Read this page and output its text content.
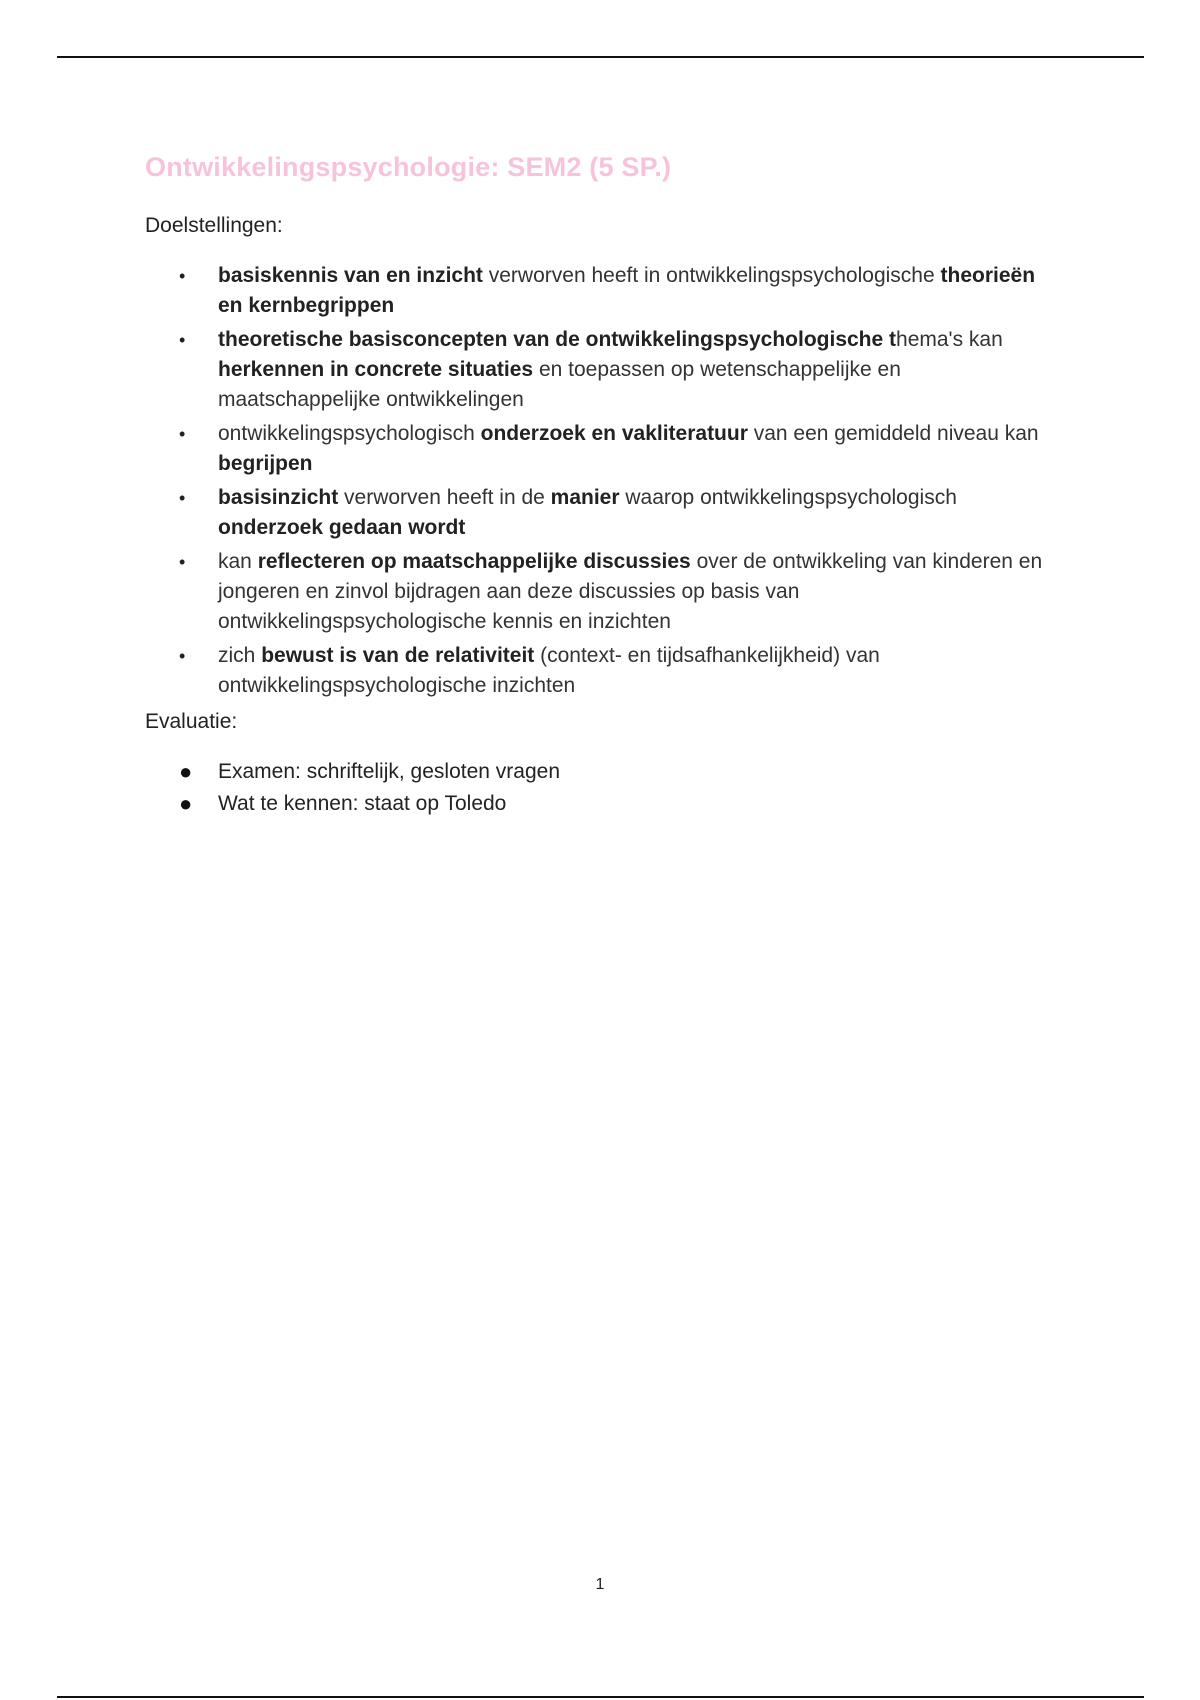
Ontwikkelingspsychologie: SEM2 (5 SP.)
Doelstellingen:
• basiskennis van en inzicht verworven heeft in ontwikkelingspsychologische theorieën en kernbegrippen
• theoretische basisconcepten van de ontwikkelingspsychologische thema's kan herkennen in concrete situaties en toepassen op wetenschappelijke en maatschappelijke ontwikkelingen
• ontwikkelingspsychologisch onderzoek en vakliteratuur van een gemiddeld niveau kan begrijpen
• basisinzicht verworven heeft in de manier waarop ontwikkelingspsychologisch onderzoek gedaan wordt
• kan reflecteren op maatschappelijke discussies over de ontwikkeling van kinderen en jongeren en zinvol bijdragen aan deze discussies op basis van ontwikkelingspsychologische kennis en inzichten
• zich bewust is van de relativiteit (context- en tijdsafhankelijkheid) van ontwikkelingspsychologische inzichten
Evaluatie:
● Examen: schriftelijk, gesloten vragen
● Wat te kennen: staat op Toledo
1
